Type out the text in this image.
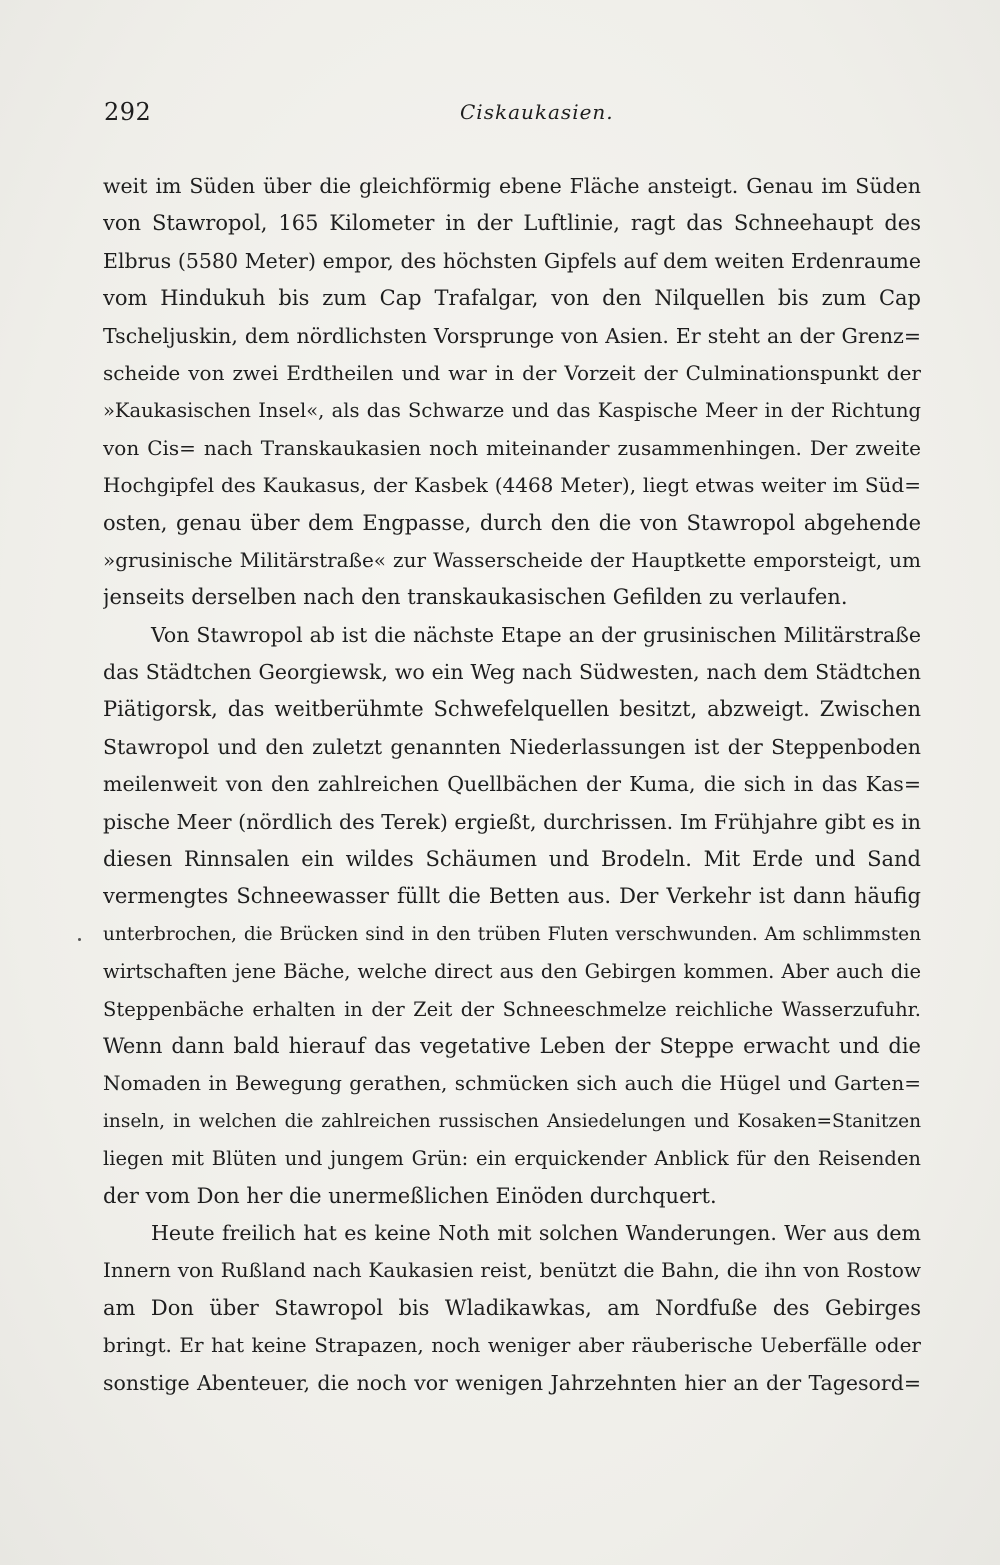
292	Ciskaukasien.
weit im Süden über die gleichförmig ebene Fläche ansteigt. Genau im Süden
von Stawropol, 165 Kilometer in der Luftlinie, ragt das Schneehaupt des
Elbrus (5580 Meter) empor, des höchsten Gipfels auf dem weiten Erdenraume
vom Hindukuh bis zum Cap Trafalgar, von den Nilquellen bis zum Cap
Tscheljuskin, dem nördlichsten Vorsprunge von Asien. Er steht an der Grenz=
scheide von zwei Erdtheilen und war in der Vorzeit der Culminationspunkt der
»Kaukasischen Insel«, als das Schwarze und das Kaspische Meer in der Richtung
von Cis= nach Transkaukasien noch miteinander zusammenhingen. Der zweite
Hochgipfel des Kaukasus, der Kasbek (4468 Meter), liegt etwas weiter im Süd=
osten, genau über dem Engpasse, durch den die von Stawropol abgehende
»grusinische Militärstraße« zur Wasserscheide der Hauptkette emporsteigt, um
jenseits derselben nach den transkaukasischen Gefilden zu verlaufen.
Von Stawropol ab ist die nächste Etape an der grusinischen Militärstraße
das Städtchen Georgiewsk, wo ein Weg nach Südwesten, nach dem Städtchen
Piätigorsk, das weitberühmte Schwefelquellen besitzt, abzweigt. Zwischen
Stawropol und den zuletzt genannten Niederlassungen ist der Steppenboden
meilenweit von den zahlreichen Quellbächen der Kuma, die sich in das Kas=
pische Meer (nördlich des Terek) ergießt, durchrissen. Im Frühjahre gibt es in
diesen Rinnsalen ein wildes Schäumen und Brodeln. Mit Erde und Sand
vermengtes Schneewasser füllt die Betten aus. Der Verkehr ist dann häufig
unterbrochen, die Brücken sind in den trüben Fluten verschwunden. Am schlimmsten
wirtschaften jene Bäche, welche direct aus den Gebirgen kommen. Aber auch die
Steppenbäche erhalten in der Zeit der Schneeschmelze reichliche Wasserzufuhr.
Wenn dann bald hierauf das vegetative Leben der Steppe erwacht und die
Nomaden in Bewegung gerathen, schmücken sich auch die Hügel und Garten=
inseln, in welchen die zahlreichen russischen Ansiedelungen und Kosaken=Stanitzen
liegen mit Blüten und jungem Grün: ein erquickender Anblick für den Reisenden
der vom Don her die unermeßlichen Einöden durchquert.
Heute freilich hat es keine Noth mit solchen Wanderungen. Wer aus dem
Innern von Rußland nach Kaukasien reist, benützt die Bahn, die ihn von Rostow
am Don über Stawropol bis Wladikawkas, am Nordfuße des Gebirges
bringt. Er hat keine Strapazen, noch weniger aber räuberische Ueberfälle oder
sonstige Abenteuer, die noch vor wenigen Jahrzehnten hier an der Tagesord=
